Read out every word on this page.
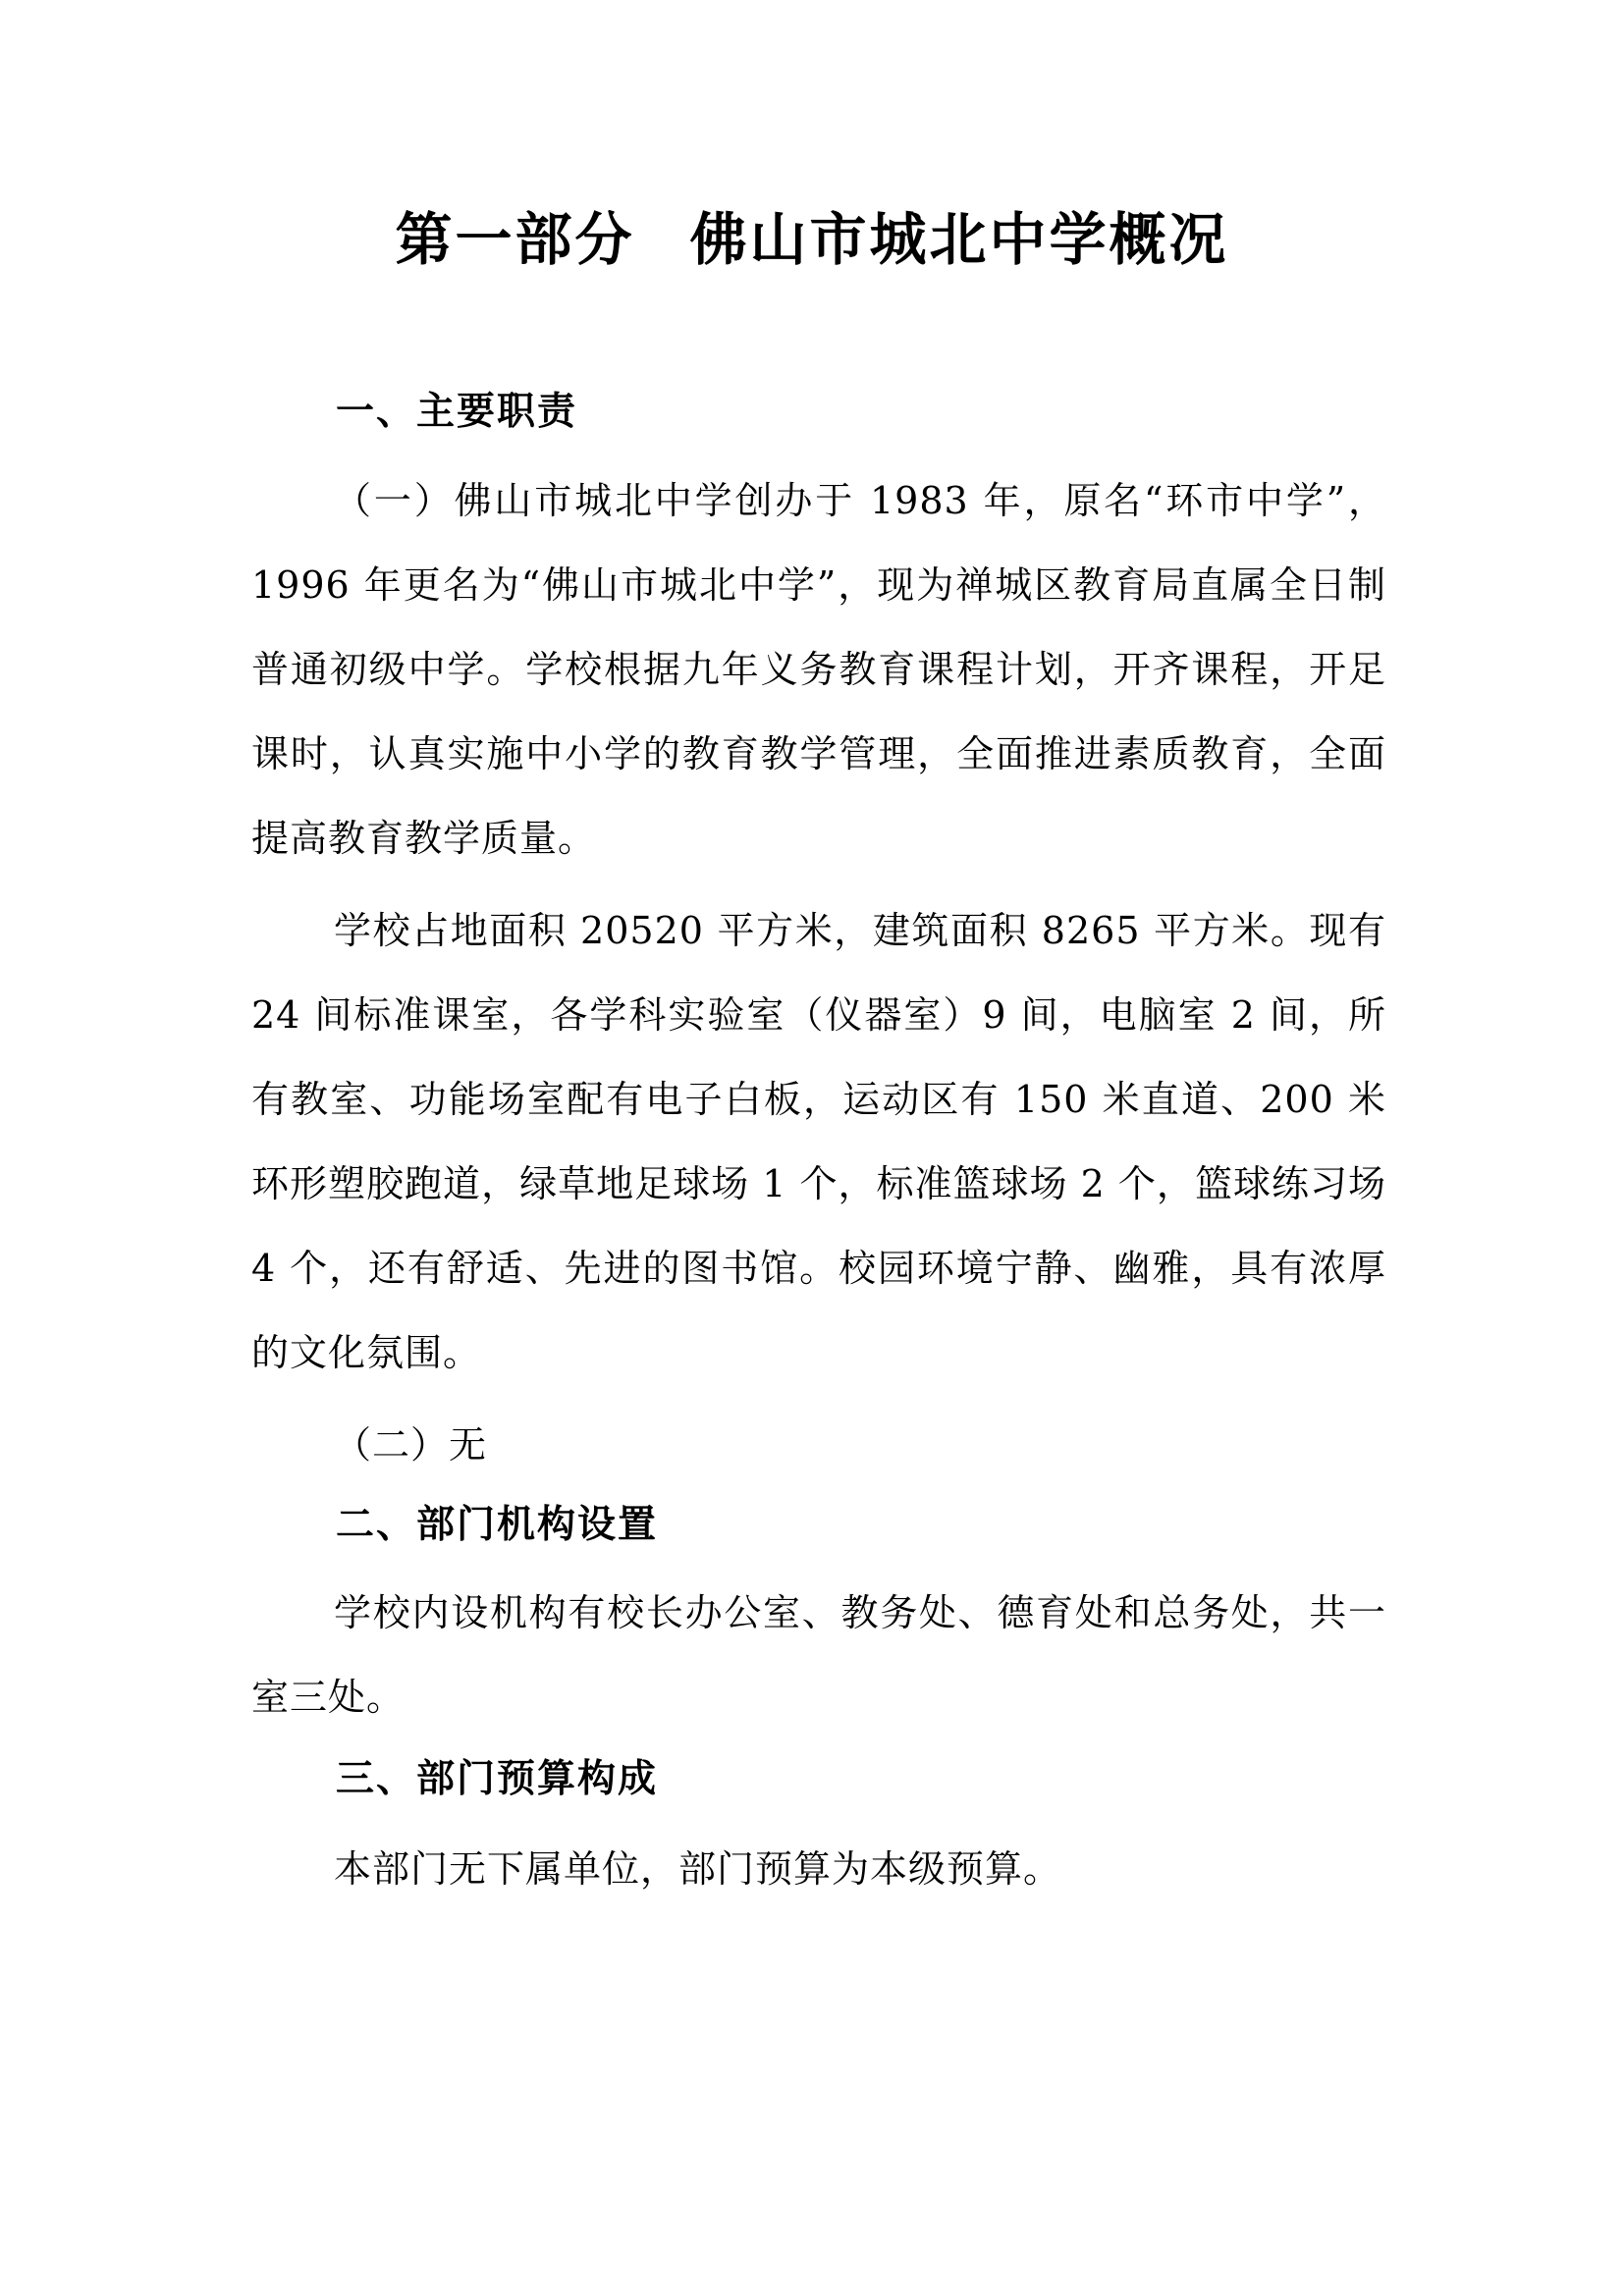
第一部分 佛山市城北中学概况
一、主要职责

（一）佛山市城北中学创办于 1983 年，原名“环市中学”，1996 年更名为“佛山市城北中学”，现为禅城区教育局直属全日制普通初级中学。学校根据九年义务教育课程计划，开齐课程，开足课时，认真实施中小学的教育教学管理，全面推进素质教育，全面提高教育教学质量。

学校占地面积 20520 平方米，建筑面积 8265 平方米。现有 24 间标准课室，各学科实验室（仪器室）9 间，电脑室 2 间，所有教室、功能场室配有电子白板，运动区有 150 米直道、200 米环形塑胶跑道，绿草地足球场 1 个，标准篮球场 2 个，篮球练习场 4 个，还有舒适、先进的图书馆。校园环境宁静、幽雅，具有浓厚的文化氛围。

（二）无

二、部门机构设置

学校内设机构有校长办公室、教务处、德育处和总务处，共一室三处。

三、部门预算构成

本部门无下属单位，部门预算为本级预算。
